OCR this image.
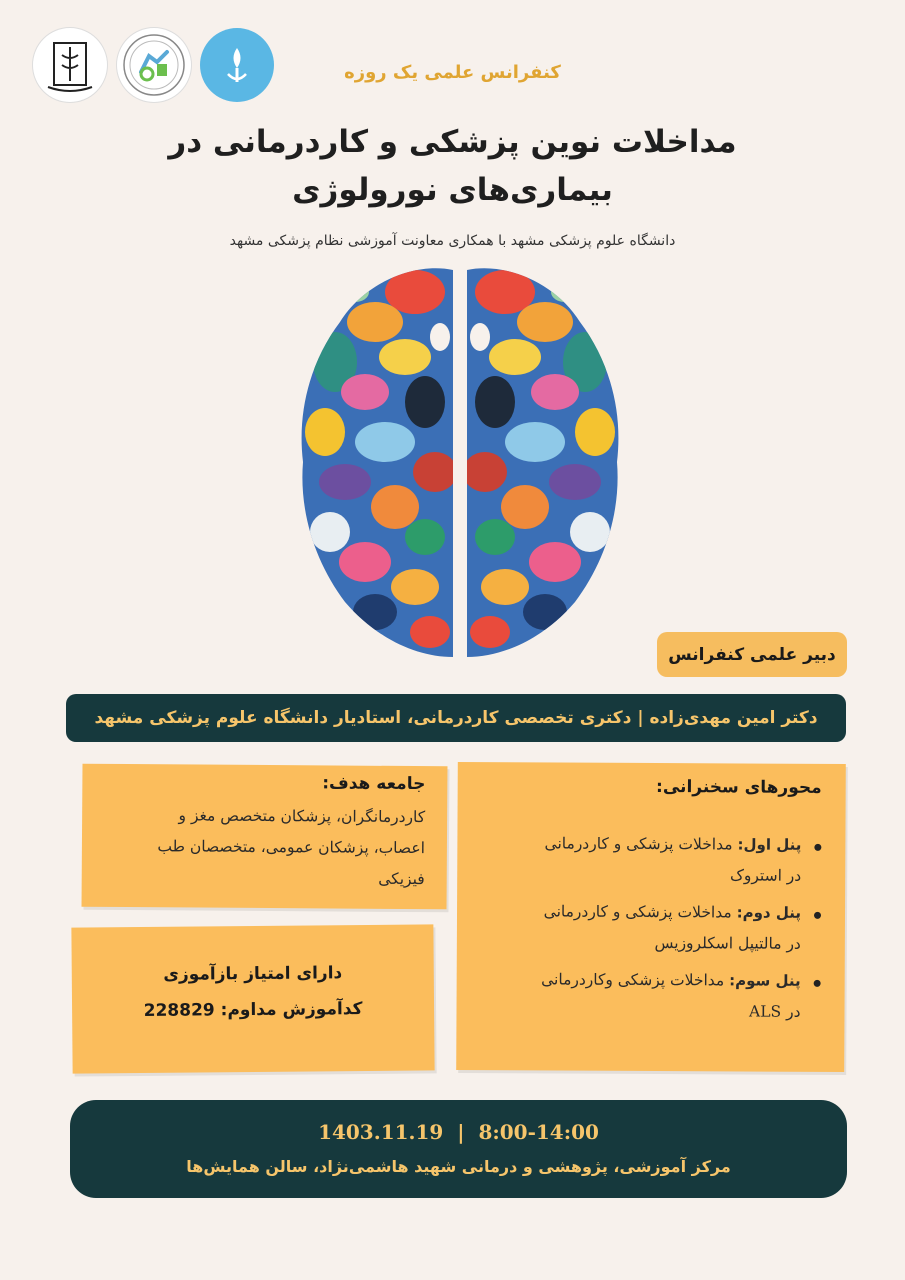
کنفرانس علمی یک روزه
مداخلات نوین پزشکی و کاردرمانی در
بیماری‌های نورولوژی
دانشگاه علوم پزشکی مشهد با همکاری معاونت آموزشی نظام پزشکی مشهد
دبیر علمی کنفرانس
دکتر امین مهدی‌زاده | دکتری تخصصی کاردرمانی، استادیار دانشگاه علوم پزشکی مشهد
جامعه هدف:
کاردرمانگران، پزشکان متخصص مغز و
اعصاب، پزشکان عمومی، متخصصان طب
فیزیکی
دارای امتیاز بازآموزی
کدآموزش مداوم: 228829
محورهای سخنرانی:
پنل اول: مداخلات پزشکی و کاردرمانی
در استروک
پنل دوم: مداخلات پزشکی و کاردرمانی
در مالتیپل اسکلروزیس
پنل سوم: مداخلات پزشکی وکاردرمانی
در ALS
1403.11.19  |  8:00-14:00
مرکز آموزشی، پژوهشی و درمانی شهید هاشمی‌نژاد، سالن همایش‌ها
